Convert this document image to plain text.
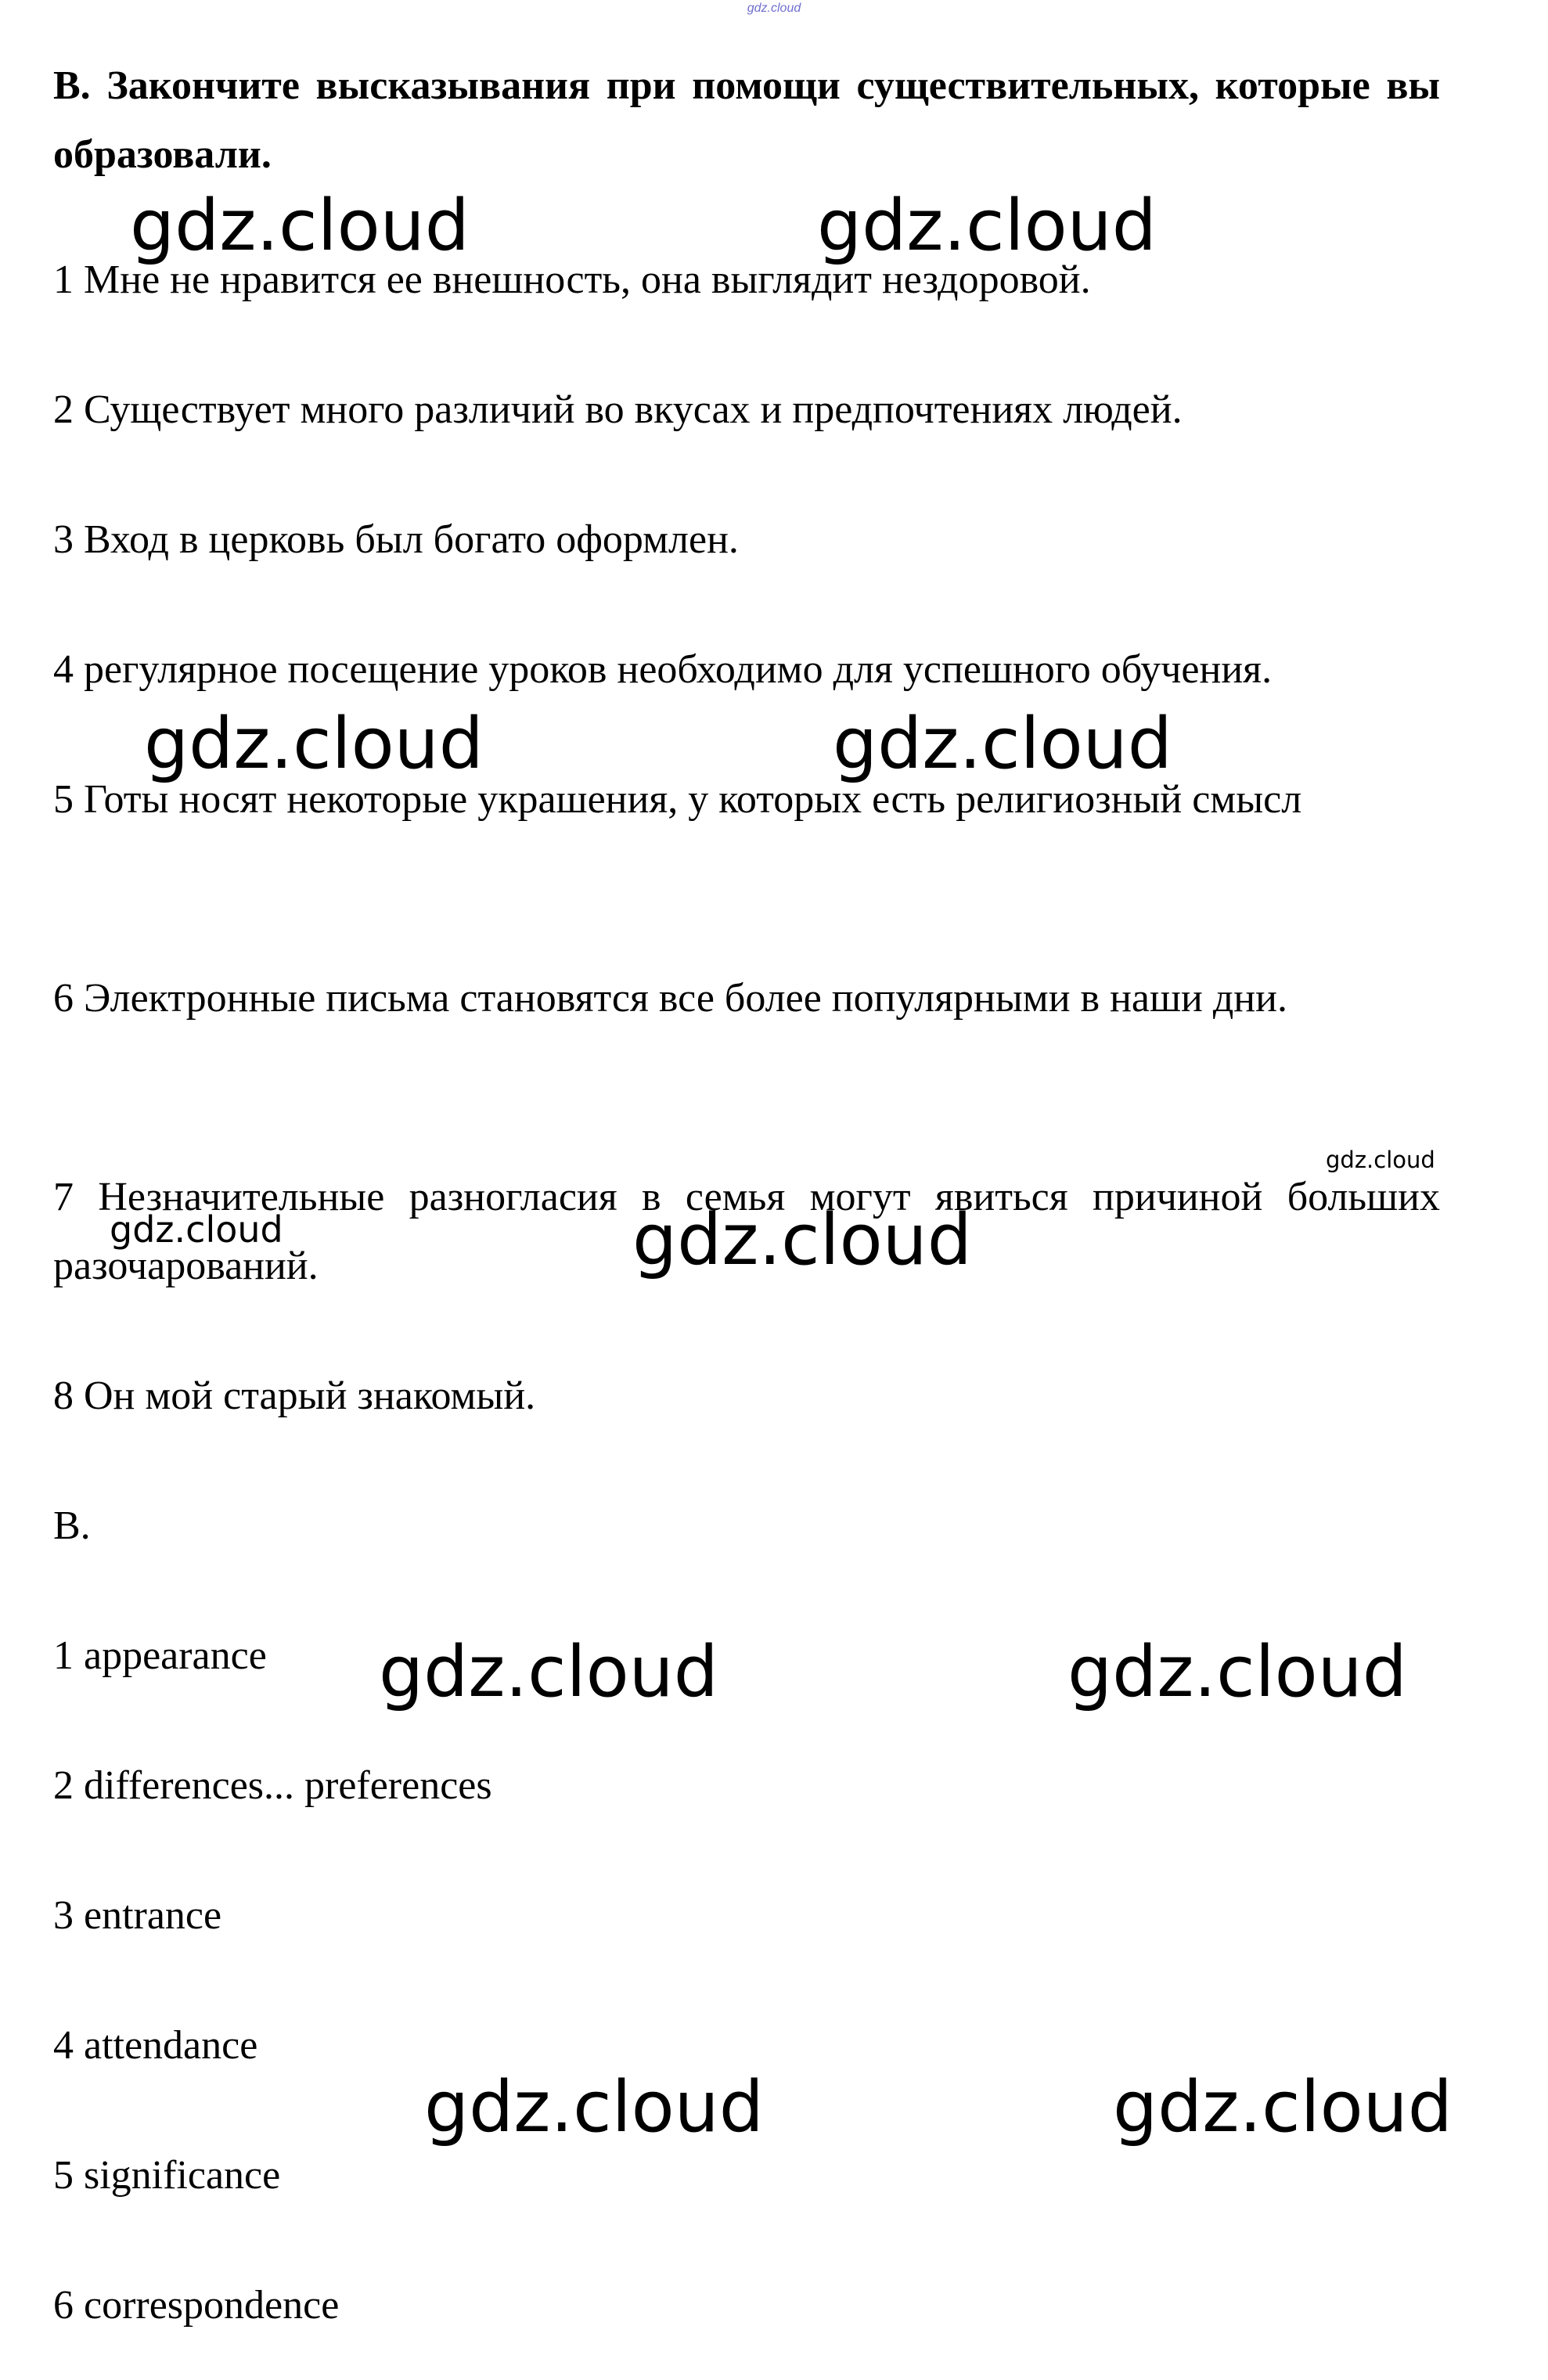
gdz.cloud

В. Закончите высказывания при помощи существительных, которые вы образовали.

1 Мне не нравится ее внешность, она выглядит нездоровой.

2 Существует много различий во вкусах и предпочтениях людей.

3 Вход в церковь был богато оформлен.

4 регулярное посещение уроков необходимо для успешного обучения.

5 Готы носят некоторые украшения, у которых есть религиозный смысл

6 Электронные письма становятся все более популярными в наши дни.

7 Незначительные разногласия в семья могут явиться причиной больших разочарований.

8 Он мой старый знакомый.

В.

1 appearance

2 differences... preferences

3 entrance

4 attendance

5 significance

6 correspondence

gdz.cloud	gdz.cloud
gdz.cloud	gdz.cloud
gdz.cloud
gdz.cloud	gdz.cloud
gdz.cloud	gdz.cloud
gdz.cloud	gdz.cloud
